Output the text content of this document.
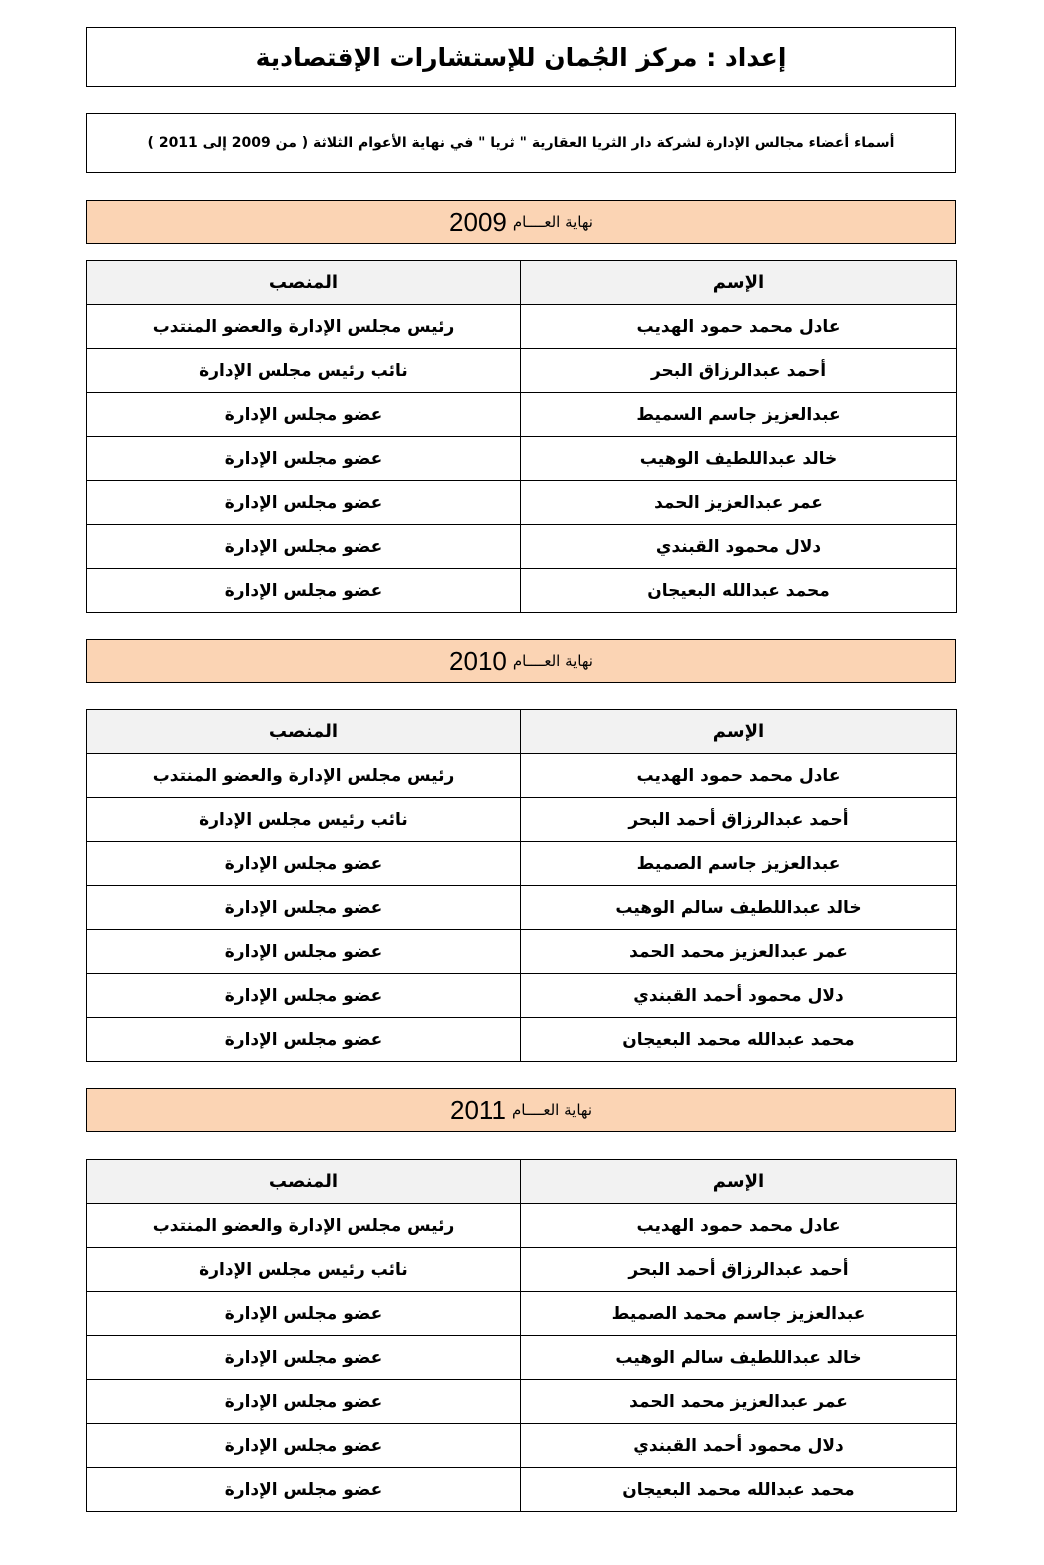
إعداد : مركز الجُمان للإستشارات الإقتصادية
أسماء أعضاء مجالس الإدارة لشركة دار الثريا العقارية " ثريا " في نهاية الأعوام الثلاثة ( من 2009 إلى 2011 )
نهاية العــــام
2009
الإسم	المنصب
عادل محمد حمود الهديب	رئيس مجلس الإدارة والعضو المنتدب
أحمد عبدالرزاق البحر	نائب رئيس مجلس الإدارة
عبدالعزيز جاسم السميط	عضو مجلس الإدارة
خالد عبداللطيف الوهيب	عضو مجلس الإدارة
عمر عبدالعزيز الحمد	عضو مجلس الإدارة
دلال محمود القبندي	عضو مجلس الإدارة
محمد عبدالله البعيجان	عضو مجلس الإدارة
نهاية العــــام
2010
الإسم	المنصب
عادل محمد حمود الهديب	رئيس مجلس الإدارة والعضو المنتدب
أحمد عبدالرزاق أحمد البحر	نائب رئيس مجلس الإدارة
عبدالعزيز جاسم الصميط	عضو مجلس الإدارة
خالد عبداللطيف سالم الوهيب	عضو مجلس الإدارة
عمر عبدالعزيز محمد الحمد	عضو مجلس الإدارة
دلال محمود أحمد القبندي	عضو مجلس الإدارة
محمد عبدالله محمد البعيجان	عضو مجلس الإدارة
نهاية العــــام
2011
الإسم	المنصب
عادل محمد حمود الهديب	رئيس مجلس الإدارة والعضو المنتدب
أحمد عبدالرزاق أحمد البحر	نائب رئيس مجلس الإدارة
عبدالعزيز جاسم محمد الصميط	عضو مجلس الإدارة
خالد عبداللطيف سالم الوهيب	عضو مجلس الإدارة
عمر عبدالعزيز محمد الحمد	عضو مجلس الإدارة
دلال محمود أحمد القبندي	عضو مجلس الإدارة
محمد عبدالله محمد البعيجان	عضو مجلس الإدارة
